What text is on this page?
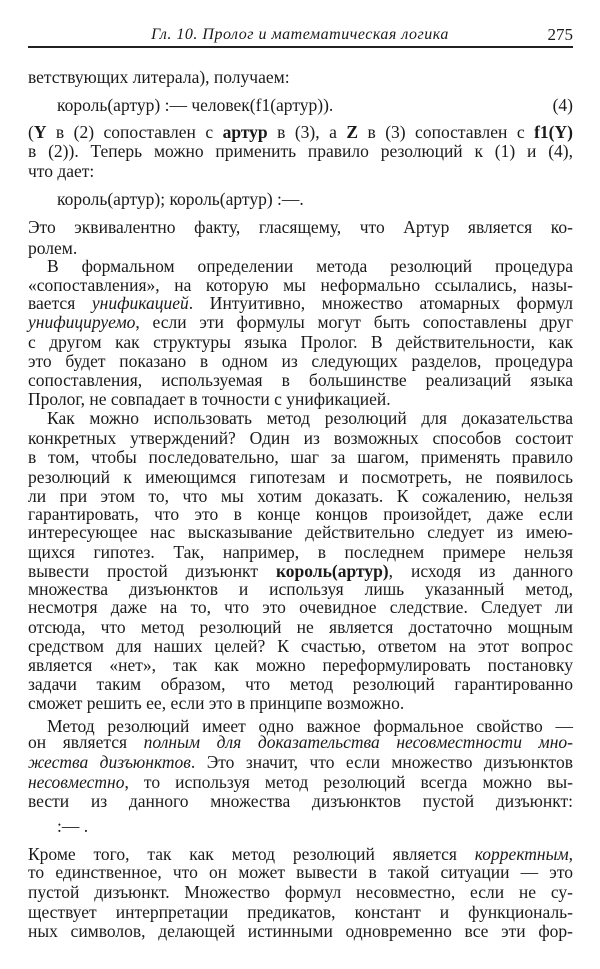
Гл. 10. Пролог и математическая логика	275
ветствующих литерала), получаем:
король(артур) :— человек(f1(артур)).	(4)
(Y в (2) сопоставлен с артур в (3), а Z в (3) сопоставлен с f1(Y)
в (2)). Теперь можно применить правило резолюций к (1) и (4),
что дает:
король(артур); король(артур) :—.
Это эквивалентно факту, гласящему, что Артур является ко-
ролем.
В формальном определении метода резолюций процедура
«сопоставления», на которую мы неформально ссылались, назы-
вается унификацией. Интуитивно, множество атомарных формул
унифицируемо, если эти формулы могут быть сопоставлены друг
с другом как структуры языка Пролог. В действительности, как
это будет показано в одном из следующих разделов, процедура
сопоставления, используемая в большинстве реализаций языка
Пролог, не совпадает в точности с унификацией.
Как можно использовать метод резолюций для доказательства
конкретных утверждений? Один из возможных способов состоит
в том, чтобы последовательно, шаг за шагом, применять правило
резолюций к имеющимся гипотезам и посмотреть, не появилось
ли при этом то, что мы хотим доказать. К сожалению, нельзя
гарантировать, что это в конце концов произойдет, даже если
интересующее нас высказывание действительно следует из имею-
щихся гипотез. Так, например, в последнем примере нельзя
вывести простой дизъюнкт король(артур), исходя из данного
множества дизъюнктов и используя лишь указанный метод,
несмотря даже на то, что это очевидное следствие. Следует ли
отсюда, что метод резолюций не является достаточно мощным
средством для наших целей? К счастью, ответом на этот вопрос
является «нет», так как можно переформулировать постановку
задачи таким образом, что метод резолюций гарантированно
сможет решить ее, если это в принципе возможно.
Метод резолюций имеет одно важное формальное свойство —
он является полным для доказательства несовместности мно-
жества дизъюнктов. Это значит, что если множество дизъюнктов
несовместно, то используя метод резолюций всегда можно вы-
вести из данного множества дизъюнктов пустой дизъюнкт:
:— .
Кроме того, так как метод резолюций является корректным,
то единственное, что он может вывести в такой ситуации — это
пустой дизъюнкт. Множество формул несовместно, если не су-
ществует интерпретации предикатов, констант и функциональ-
ных символов, делающей истинными одновременно все эти фор-
